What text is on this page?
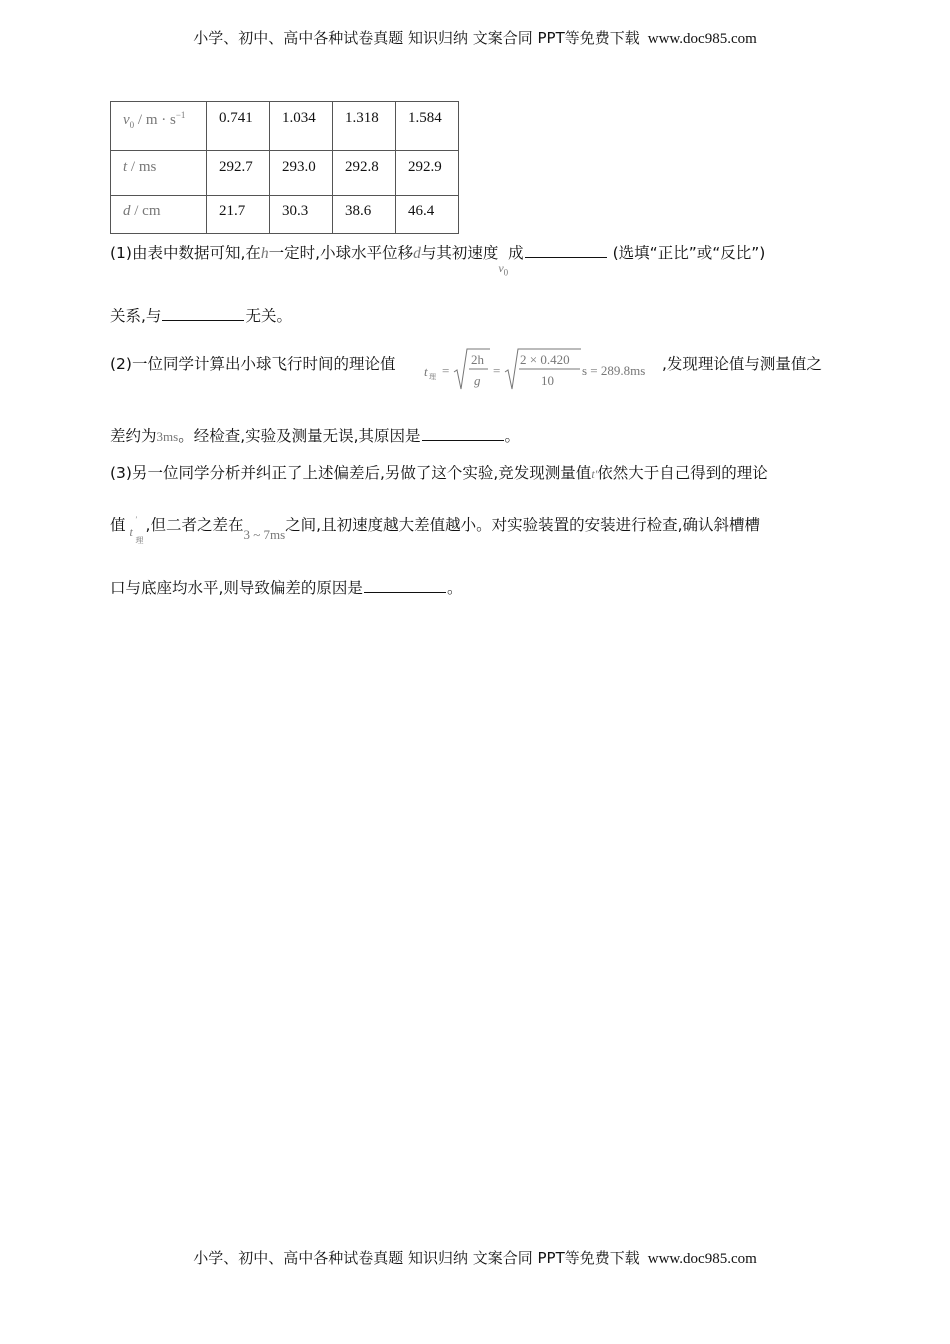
小学、初中、高中各种试卷真题 知识归纳 文案合同 PPT等免费下载 www.doc985.com
$v_0 / m \cdot s^{-1}$	0.741	1.034	1.318	1.584
t / ms	292.7	293.0	292.8	292.9
d / cm	21.7	30.3	38.6	46.4
(1)由表中数据可知,在h一定时,小球水平位移d与其初速度$v_0$成	(选填“正比”或“反比”)
关系,与	无关。
(2)一位同学计算出小球飞行时间的理论值 t 理 =
2h
g
=
2 × 0.420
10
s = 289.8ms ,发现理论值与测量值之
差约为3ms。经检查,实验及测量无误,其原因是	。
(3)另一位同学分析并纠正了上述偏差后,另做了这个实验,竞发现测量值t′依然大于自己得到的理论
值 ′
t
理
,但二者之差在$_{3 \sim 7ms}$之间,且初速度越大差值越小。对实验装置的安装进行检查,确认斜槽槽
口与底座均水平,则导致偏差的原因是	。
小学、初中、高中各种试卷真题 知识归纳 文案合同 PPT等免费下载 www.doc985.com
